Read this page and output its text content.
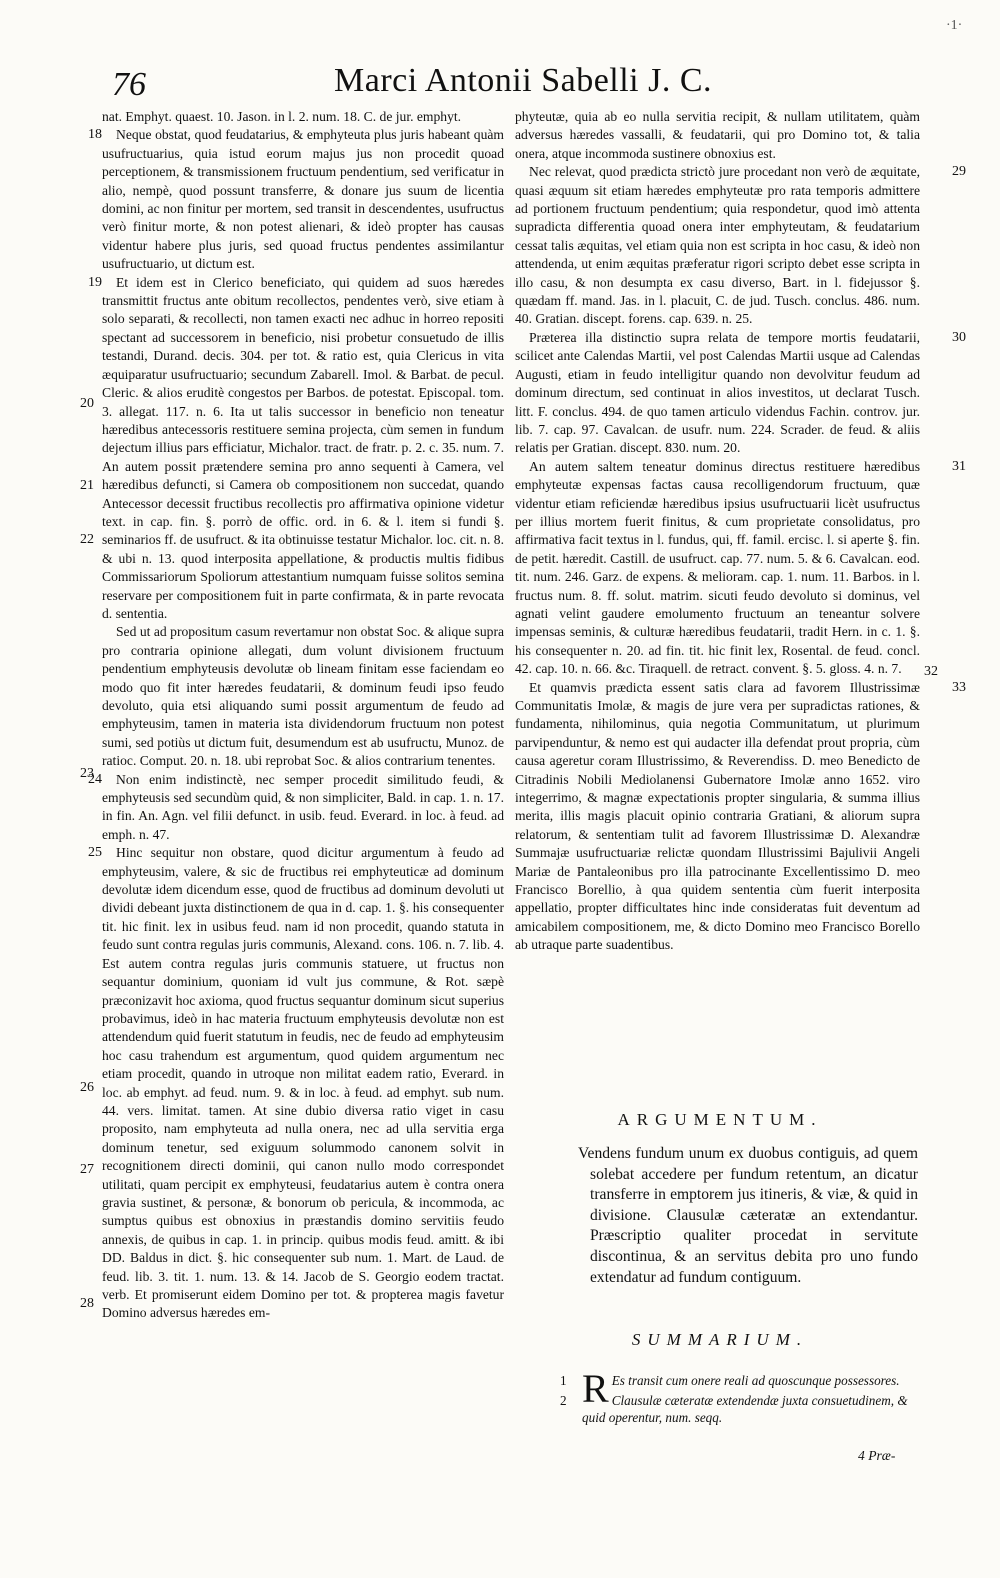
·1·
76	Marci Antonii Sabelli J. C.

nat. Emphyt. quaest. 10. Jason. in l. 2. num. 18. C. de jur. emphyt.

18 Neque obstat, quod feudatarius, & emphyteuta plus juris habeant quàm usufructuarius, quia istud eorum majus jus non procedit quoad perceptionem, & transmissionem fructuum pendentium, sed verificatur in alio, nempè, quod possunt transferre, & donare jus suum de licentia domini, ac non finitur per mortem, sed transit in descendentes, usufructus verò finitur morte, & non potest alienari, & ideò propter has causas videntur habere plus juris, sed quoad fructus pendentes assimilantur usufructuario, ut dictum est.

19 Et idem est in Clerico beneficiato, qui quidem ad suos hæredes transmittit fructus ante obitum recollectos, pendentes verò, sive etiam à solo separati, & recollecti, non tamen exacti nec adhuc in horreo repositi spectant ad successorem in beneficio, nisi probetur consuetudo de illis testandi, Durand. decis. 304. per tot. & ratio est, quia Clericus in vita æquiparatur usufructuario; secundum Zabarell. Imol. & Barbat. de pecul. Cleric. & alios eruditè congestos per Barbos. de potestat. Episcopal. tom. 3. allegat. 117. n. 6. Ita ut talis successor in beneficio non teneatur hæredibus antecessoris restituere semina projecta, cùm semen in fundum dejectum illius pars efficiatur, Michalor. tract. de fratr. p. 2. c. 35. num. 7. An autem possit prætendere semina pro anno sequenti à Camera, vel hæredibus defuncti, si Camera ob compositionem non succedat, quando Antecessor decessit fructibus recollectis pro affirmativa opinione videtur text. in cap. fin. §. porrò de offic. ord. in 6. & l. item si fundi §. seminarios ff. de usufruct. & ita obtinuisse testatur Michalor. loc. cit. n. 8. & ubi n. 13. quod interposita appellatione, & productis multis fidibus Commissariorum Spoliorum attestantium numquam fuisse solitos semina reservare per compositionem fuit in parte confirmata, & in parte revocata d. sententia.

Sed ut ad propositum casum revertamur non obstat Soc. & alique supra pro contraria opinione allegati, dum volunt divisionem fructuum pendentium emphyteusis devolutæ ob lineam finitam esse faciendam eo modo quo fit inter hæredes feudatarii, & dominum feudi ipso feudo devoluto, quia etsi aliquando sumi possit argumentum de feudo ad emphyteusim, tamen in materia ista dividendorum fructuum non potest sumi, sed potiùs ut dictum fuit, desumendum est ab usufructu, Munoz. de ratioc. Comput. 20. n. 18. ubi reprobat Soc. & alios contrarium tenentes.

24 Non enim indistinctè, nec semper procedit similitudo feudi, & emphyteusis sed secundùm quid, & non simpliciter, Bald. in cap. 1. n. 17. in fin. An. Agn. vel filii defunct. in usib. feud. Everard. in loc. à feud. ad emph. n. 47.

25 Hinc sequitur non obstare, quod dicitur argumentum à feudo ad emphyteusim, valere, & sic de fructibus rei emphyteuticæ ad dominum devolutæ idem dicendum esse, quod de fructibus ad dominum devoluti ut dividi debeant juxta distinctionem de qua in d. cap. 1. §. his consequenter tit. hic finit. lex in usibus feud. nam id non procedit, quando statuta in feudo sunt contra regulas juris communis, Alexand. cons. 106. n. 7. lib. 4. Est autem contra regulas juris communis statuere, ut fructus non sequantur dominium, quoniam id vult jus commune, & Rot. sæpè præconizavit hoc axioma, quod fructus sequantur dominum sicut superius probavimus, ideò in hac materia fructuum emphyteusis devolutæ non est attendendum quid fuerit statutum in feudis, nec de feudo ad emphyteusim hoc casu trahendum est argumentum, quod quidem argumentum nec etiam procedit, quando in utroque non militat eadem ratio, Everard. in loc. ab emphyt. ad feud. num. 9. & in loc. à feud. ad emphyt. sub num. 44. vers. limitat. tamen. At sine dubio diversa ratio viget in casu proposito, nam emphyteuta ad nulla onera, nec ad ulla servitia erga dominum tenetur, sed exiguum solummodo canonem solvit in recognitionem directi dominii, qui canon nullo modo correspondet utilitati, quam percipit ex emphyteusi, feudatarius autem è contra onera gravia sustinet, & personæ, & bonorum ob pericula, & incommoda, ac sumptus quibus est obnoxius in præstandis domino servitiis feudo annexis, de quibus in cap. 1. in princip. quibus modis feud. amitt. & ibi DD. Baldus in dict. §. hic consequenter sub num. 1. Mart. de Laud. de feud. lib. 3. tit. 1. num. 13. & 14. Jacob de S. Georgio eodem tractat. verb. Et promiserunt eidem Domino per tot. & propterea magis favetur Domino adversus hæredes em-

phyteutæ, quia ab eo nulla servitia recipit, & nullam utilitatem, quàm adversus hæredes vassalli, & feudatarii, qui pro Domino tot, & talia onera, atque incommoda sustinere obnoxius est.

29
Nec relevat, quod prædicta strictò jure procedant non verò de æquitate, quasi æquum sit etiam hæredes emphyteutæ pro rata temporis admittere ad portionem fructuum pendentium; quia respondetur, quod imò attenta supradicta differentia quoad onera inter emphyteutam, & feudatarium cessat talis æquitas, vel etiam quia non est scripta in hoc casu, & ideò non attendenda, ut enim æquitas præferatur rigori scripto debet esse scripta in illo casu, & non desumpta ex casu diverso, Bart. in l. fidejussor §. quædam ff. mand. Jas. in l. placuit, C. de jud. Tusch. conclus. 486. num. 40. Gratian. discept. forens. cap. 639. n. 25.

30
Præterea illa distinctio supra relata de tempore mortis feudatarii, scilicet ante Calendas Martii, vel post Calendas Martii usque ad Calendas Augusti, etiam in feudo intelligitur quando non devolvitur feudum ad dominum directum, sed continuat in alios investitos, ut declarat Tusch. litt. F. conclus. 494. de quo tamen articulo videndus Fachin. controv. jur. lib. 7. cap. 97. Cavalcan. de usufr. num. 224. Scrader. de feud. & aliis relatis per Gratian. discept. 830. num. 20.

31
An autem saltem teneatur dominus directus restituere hæredibus emphyteutæ expensas factas causa recolligendorum fructuum, quæ videntur etiam reficiendæ hæredibus ipsius usufructuarii licèt usufructus per illius mortem fuerit finitus, & cum proprietate consolidatus, pro affirmativa facit textus in l. fundus, qui, ff. famil. ercisc. l. si aperte §. fin. de petit. hæredit. Castill. de usufruct. cap. 77. num. 5. & 6. Cavalcan. eod. tit. num. 246. Garz. de expens. & melioram. cap. 1. num. 11. Barbos. in l. fructus num. 8. ff. solut. matrim. sicuti feudo devoluto si dominus, vel agnati velint gaudere emolumento fructuum an teneantur solvere impensas seminis, & culturæ hæredibus feudatarii, tradit Hern. in c. 1. §. his consequenter n. 20. ad fin. tit. hic finit lex, Rosental. de feud. concl. 42. cap. 10. n. 66. &c. Tiraquell. de retract. convent. §. 5. gloss. 4. n. 7.

33
Et quamvis prædicta essent satis clara ad favorem Illustrissimæ Communitatis Imolæ, & magis de jure vera per supradictas rationes, & fundamenta, nihilominus, quia negotia Communitatum, ut plurimum parvipenduntur, & nemo est qui audacter illa defendat prout propria, cùm causa ageretur coram Illustrissimo, & Reverendiss. D. meo Benedicto de Citradinis Nobili Mediolanensi Gubernatore Imolæ anno 1652. viro integerrimo, & magnæ expectationis propter singularia, & summa illius merita, illis magis placuit opinio contraria Gratiani, & aliorum supra relatorum, & sententiam tulit ad favorem Illustrissimæ D. Alexandræ Summajæ usufructuariæ relictæ quondam Illustrissimi Bajulivii Angeli Mariæ de Pantaleonibus pro illa patrocinante Excellentissimo D. meo Francisco Borellio, à qua quidem sententia cùm fuerit interposita appellatio, propter difficultates hinc inde consideratas fuit deventum ad amicabilem compositionem, me, & dicto Domino meo Francisco Borello ab utraque parte suadentibus.

20
21
22
23
26
27
28
32
ARGUMENTUM.

Vendens fundum unum ex duobus contiguis, ad quem solebat accedere per fundum retentum, an dicatur transferre in emptorem jus itineris, & viæ, & quid in divisione. Clausulæ cæteratæ an extendantur. Præscriptio qualiter procedat in servitute discontinua, & an servitus debita pro uno fundo extendatur ad fundum contiguum.

SUMMARIUM.
1 R Es transit cum onere reali ad quoscunque possessores.
2	Clausulæ cæteratæ extendendæ juxta consuetudinem, & quid operentur, num. seqq.
4 Præ-
